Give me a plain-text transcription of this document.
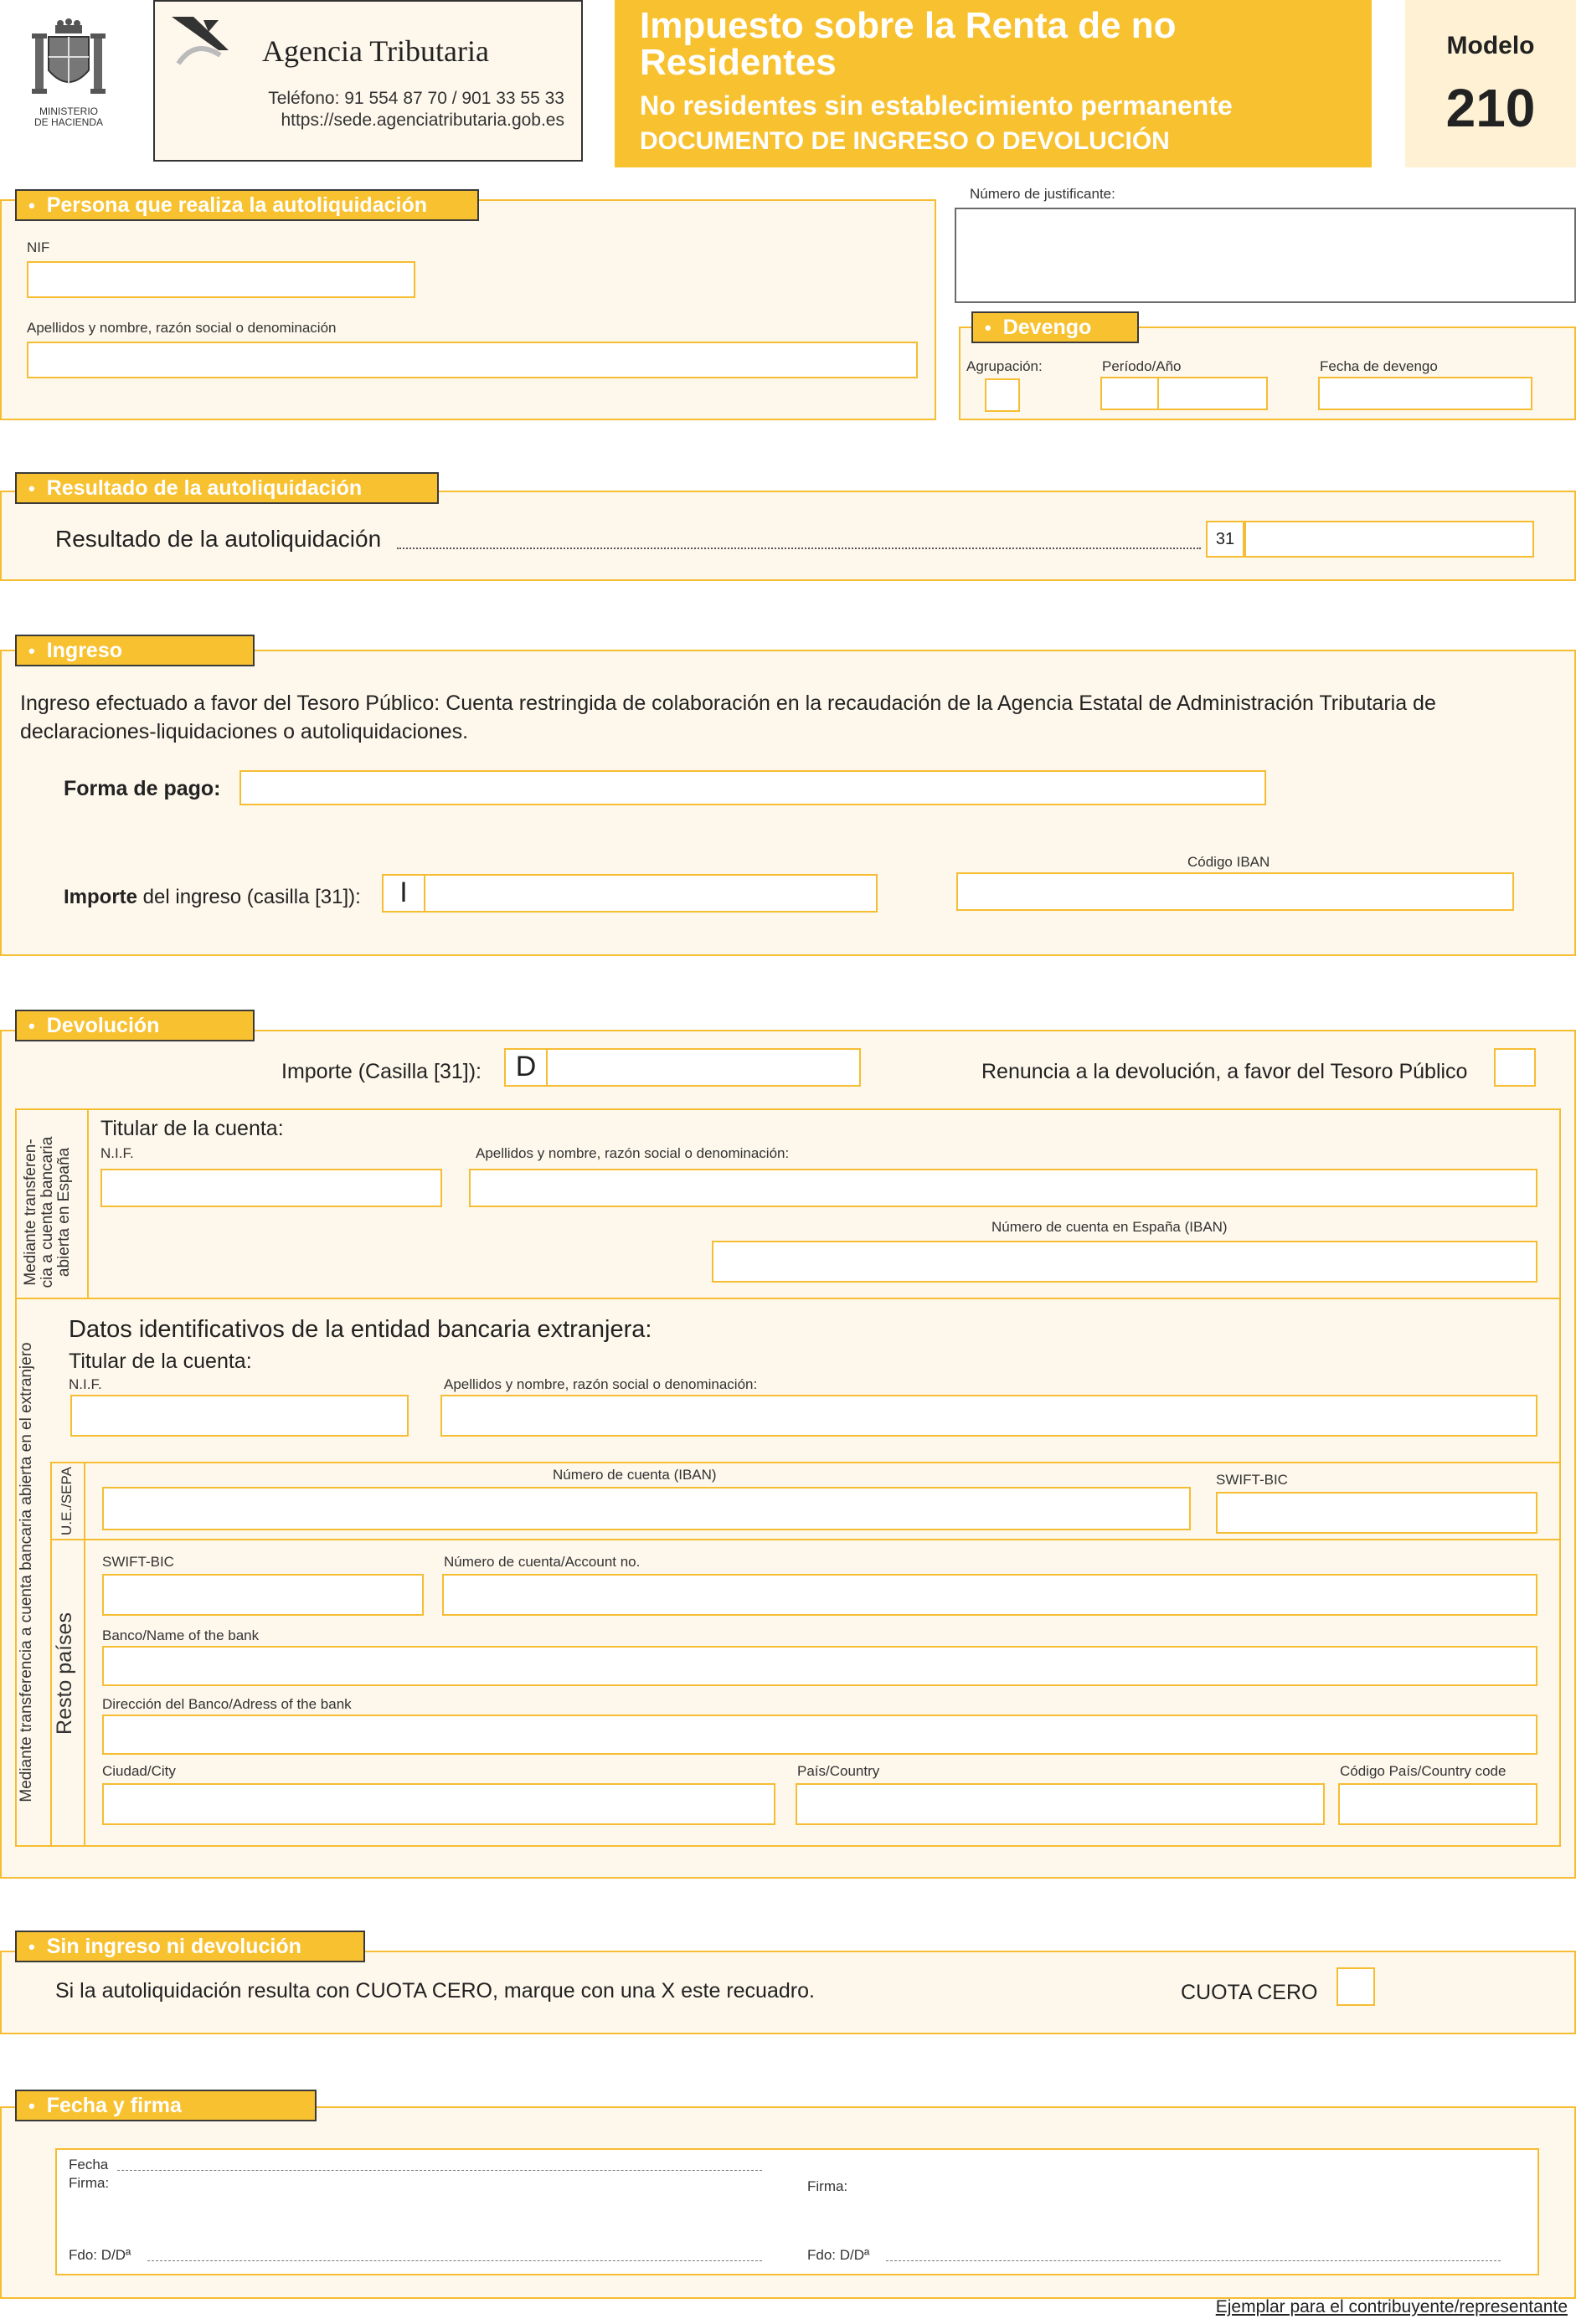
MINISTERIO
DE HACIENDA
Agencia Tributaria
Teléfono: 91 554 87 70 / 901 33 55 33
https://sede.agenciatributaria.gob.es
Impuesto sobre la Renta de no
Residentes
No residentes sin establecimiento permanente
DOCUMENTO DE INGRESO O DEVOLUCIÓN
Modelo
210
• Persona que realiza la autoliquidación
NIF
Apellidos y nombre, razón social o denominación
Número de justificante:
• Devengo
Agrupación:	Período/Año	Fecha de devengo
• Resultado de la autoliquidación
Resultado de la autoliquidación	31
• Ingreso
Ingreso efectuado a favor del Tesoro Público: Cuenta restringida de colaboración en la recaudación de la Agencia Estatal de Administración Tributaria de
declaraciones-liquidaciones o autoliquidaciones.
Forma de pago:
Código IBAN
Importe del ingreso (casilla [31]):	I
• Devolución
Importe (Casilla [31]):	D	Renuncia a la devolución, a favor del Tesoro Público
Mediante transferen- cia a cuenta bancaria abierta en España
Titular de la cuenta:
N.I.F.	Apellidos y nombre, razón social o denominación:
Número de cuenta en España (IBAN)
Mediante transferencia a cuenta bancaria abierta en el extranjero
Datos identificativos de la entidad bancaria extranjera:
Titular de la cuenta:
N.I.F.	Apellidos y nombre, razón social o denominación:
U.E./SEPA	Número de cuenta (IBAN)	SWIFT-BIC
Resto países
SWIFT-BIC	Número de cuenta/Account no.
Banco/Name of the bank
Dirección del Banco/Adress of the bank
Ciudad/City	País/Country	Código País/Country code
• Sin ingreso ni devolución
Si la autoliquidación resulta con CUOTA CERO, marque con una X este recuadro.	CUOTA CERO
• Fecha y firma
Fecha
Firma:	Firma:
Fdo: D/Dª	Fdo: D/Dª
Ejemplar para el contribuyente/representante
